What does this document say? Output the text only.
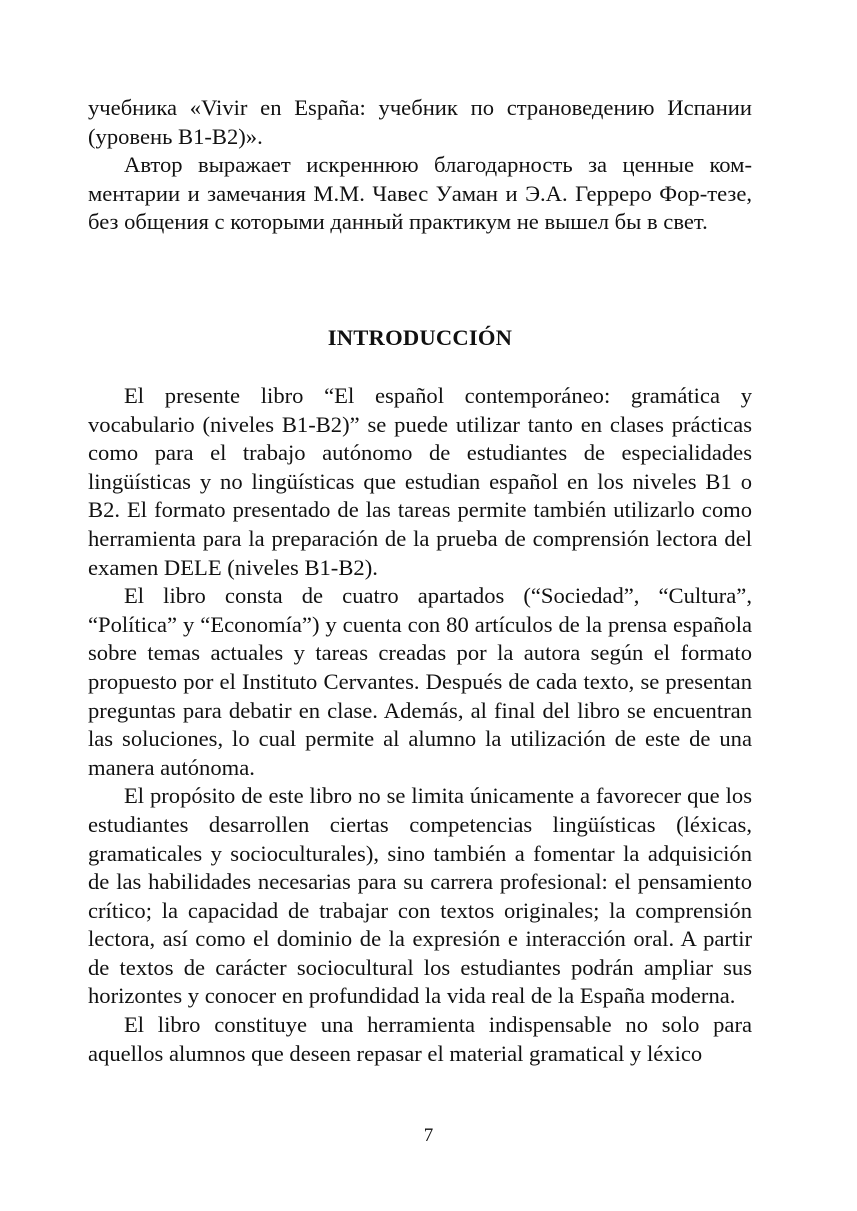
учебника «Vivir en España: учебник по страноведению Испании (уровень B1-B2)».

Автор выражает искреннюю благодарность за ценные ком-ментарии и замечания М.М. Чавес Уаман и Э.А. Герреро Фор-тезе, без общения с которыми данный практикум не вышел бы в свет.

INTRODUCCIÓN

El presente libro “El español contemporáneo: gramática y vocabulario (niveles B1-B2)” se puede utilizar tanto en clases prácticas como para el trabajo autónomo de estudiantes de especialidades lingüísticas y no lingüísticas que estudian español en los niveles B1 o B2. El formato presentado de las tareas permite también utilizarlo como herramienta para la preparación de la prueba de comprensión lectora del examen DELE (niveles B1-B2).

El libro consta de cuatro apartados (“Sociedad”, “Cultura”, “Política” y “Economía”) y cuenta con 80 artículos de la prensa española sobre temas actuales y tareas creadas por la autora según el formato propuesto por el Instituto Cervantes. Después de cada texto, se presentan preguntas para debatir en clase. Además, al final del libro se encuentran las soluciones, lo cual permite al alumno la utilización de este de una manera autónoma.

El propósito de este libro no se limita únicamente a favorecer que los estudiantes desarrollen ciertas competencias lingüísticas (léxicas, gramaticales y socioculturales), sino también a fomentar la adquisición de las habilidades necesarias para su carrera profesional: el pensamiento crítico; la capacidad de trabajar con textos originales; la comprensión lectora, así como el dominio de la expresión e interacción oral. A partir de textos de carácter sociocultural los estudiantes podrán ampliar sus horizontes y conocer en profundidad la vida real de la España moderna.

El libro constituye una herramienta indispensable no solo para aquellos alumnos que deseen repasar el material gramatical y léxico

7
